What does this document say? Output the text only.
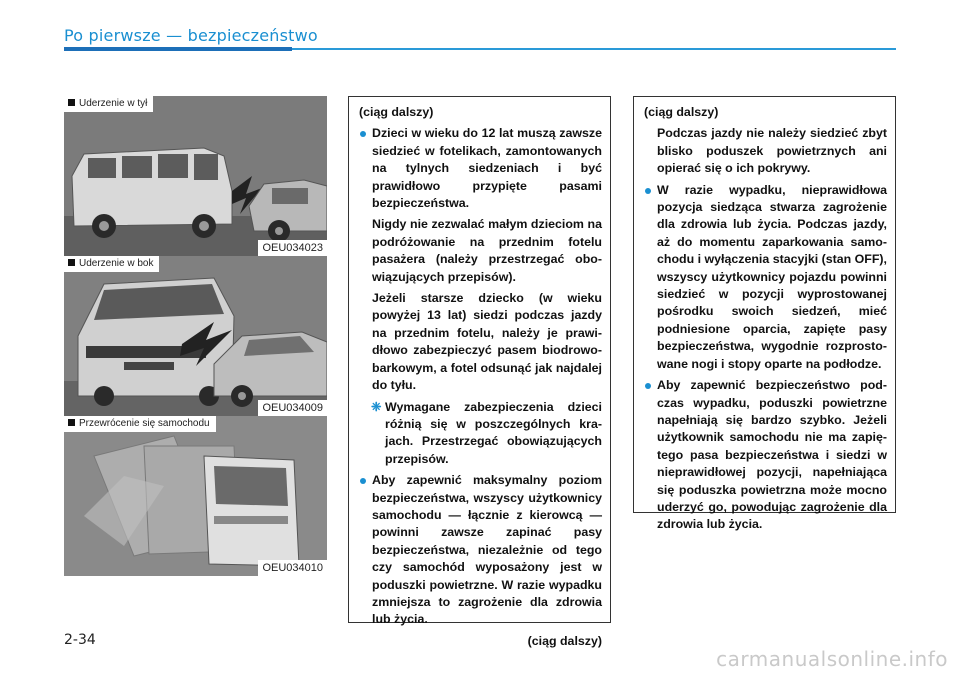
Po pierwsze — bezpieczeństwo
Uderzenie w tył
OEU034023
Uderzenie w bok
OEU034009
Przewrócenie się samochodu
OEU034010

(ciąg dalszy)

Dzieci w wieku do 12 lat muszą zawsze siedzieć w fotelikach, zamontowanych na tylnych siedzeniach i być prawidłowo przypięte pasami bezpieczeństwa.

Nigdy nie zezwalać małym dzieciom na podróżowanie na przednim fotelu pasażera (należy przestrzegać obowiązujących przepisów).

Jeżeli starsze dziecko (w wieku powyżej 13 lat) siedzi podczas jazdy na przednim fotelu, należy je prawidłowo zabezpieczyć pasem biodrowo-barkowym, a fotel odsunąć jak najdalej do tyłu.

❈ Wymagane zabezpieczenia dzieci różnią się w poszczególnych krajach. Przestrzegać obowiązujących przepisów.

Aby zapewnić maksymalny poziom bezpieczeństwa, wszyscy użytkownicy samochodu — łącznie z kierowcą — powinni zawsze zapinać pasy bezpieczeństwa, niezależnie od tego czy samochód wyposażony jest w poduszki powietrzne. W razie wypadku zmniejsza to zagrożenie dla zdrowia lub życia.

(ciąg dalszy)

(ciąg dalszy)

Podczas jazdy nie należy siedzieć zbyt blisko poduszek powietrznych ani opierać się o ich pokrywy.

W razie wypadku, nieprawidłowa pozycja siedząca stwarza zagrożenie dla zdrowia lub życia. Podczas jazdy, aż do momentu zaparkowania samochodu i wyłączenia stacyjki (stan OFF), wszyscy użytkownicy pojazdu powinni siedzieć w pozycji wyprostowanej pośrodku swoich siedzeń, mieć podniesione oparcia, zapięte pasy bezpieczeństwa, wygodnie rozprostowane nogi i stopy oparte na podłodze.

Aby zapewnić bezpieczeństwo podczas wypadku, poduszki powietrzne napełniają się bardzo szybko. Jeżeli użytkownik samochodu nie ma zapiętego pasa bezpieczeństwa i siedzi w nieprawidłowej pozycji, napełniająca się poduszka powietrzna może mocno uderzyć go, powodując zagrożenie dla zdrowia lub życia.

2-34
carmanualsonline.info
